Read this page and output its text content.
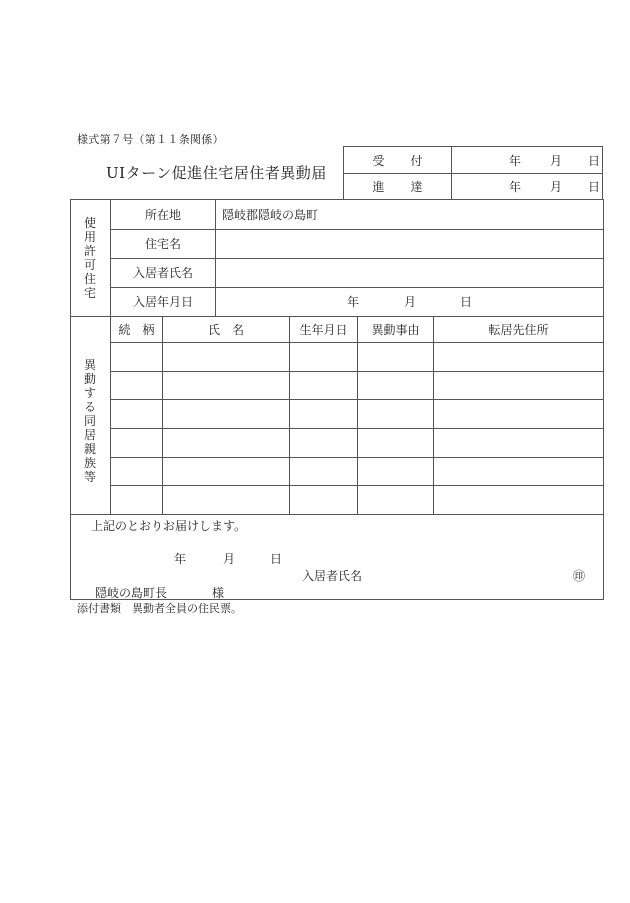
様式第７号（第１１条関係）
UIターン促進住宅居住者異動届
受 付	年 月 日
進 達	年 月 日
使用許可住宅
所在地	隠岐郡隠岐の島町
住宅名
入居者氏名
入居年月日	年	月	日
異動する同居親族等
続　柄	氏　名	生年月日	異動事由	転居先住所
上記のとおりお届けします。
年	月	日
入居者氏名	㊞
隠岐の島町長	様
添付書類　異動者全員の住民票。
